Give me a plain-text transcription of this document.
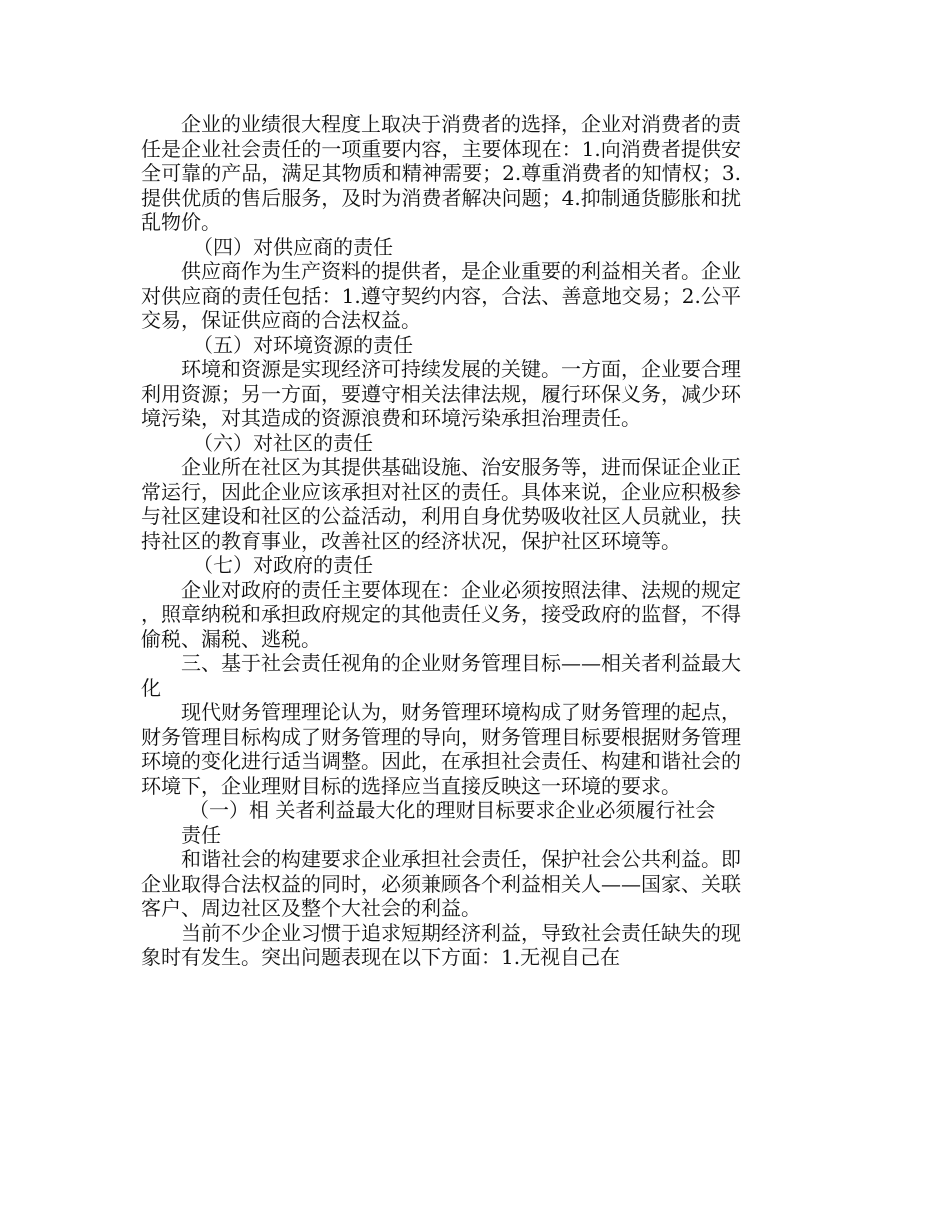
企业的业绩很大程度上取决于消费者的选择，企业对消费者的责任是企业社会责任的一项重要内容，主要体现在：1.向消费者提供安全可靠的产品，满足其物质和精神需要；2.尊重消费者的知情权；3.提供优质的售后服务，及时为消费者解决问题；4.抑制通货膨胀和扰乱物价。

（四）对供应商的责任

供应商作为生产资料的提供者，是企业重要的利益相关者。企业对供应商的责任包括：1.遵守契约内容，合法、善意地交易；2.公平交易，保证供应商的合法权益。

（五）对环境资源的责任

环境和资源是实现经济可持续发展的关键。一方面，企业要合理利用资源；另一方面，要遵守相关法律法规，履行环保义务，减少环境污染，对其造成的资源浪费和环境污染承担治理责任。

（六）对社区的责任

企业所在社区为其提供基础设施、治安服务等，进而保证企业正常运行，因此企业应该承担对社区的责任。具体来说，企业应积极参与社区建设和社区的公益活动，利用自身优势吸收社区人员就业，扶持社区的教育事业，改善社区的经济状况，保护社区环境等。

（七）对政府的责任

企业对政府的责任主要体现在：企业必须按照法律、法规的规定，照章纳税和承担政府规定的其他责任义务，接受政府的监督，不得偷税、漏税、逃税。

三、基于社会责任视角的企业财务管理目标——相关者利益最大化

现代财务管理理论认为，财务管理环境构成了财务管理的起点，财务管理目标构成了财务管理的导向，财务管理目标要根据财务管理环境的变化进行适当调整。因此，在承担社会责任、构建和谐社会的环境下，企业理财目标的选择应当直接反映这一环境的要求。

（一）相 关者利益最大化的理财目标要求企业必须履行社会

责任

和谐社会的构建要求企业承担社会责任，保护社会公共利益。即企业取得合法权益的同时，必须兼顾各个利益相关人——国家、关联客户、周边社区及整个大社会的利益。

当前不少企业习惯于追求短期经济利益，导致社会责任缺失的现象时有发生。突出问题表现在以下方面：1.无视自己在
